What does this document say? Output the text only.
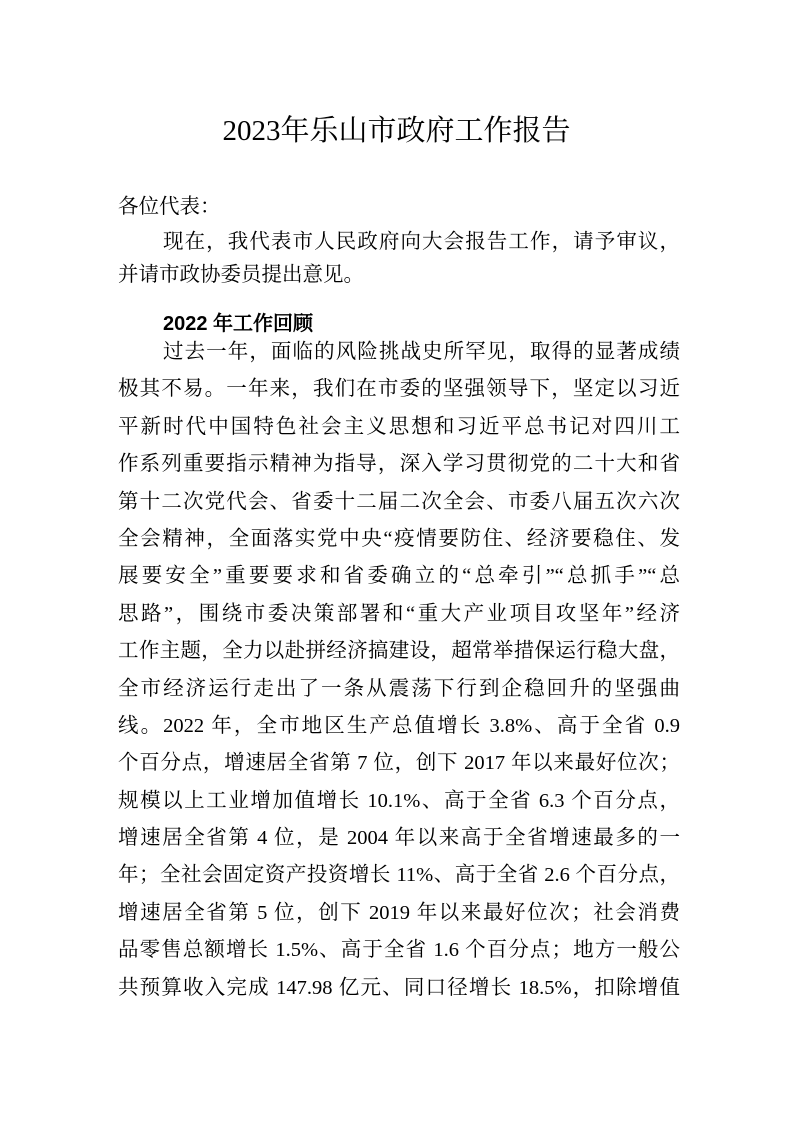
2023年乐山市政府工作报告
各位代表：
现在，我代表市人民政府向大会报告工作，请予审议，
并请市政协委员提出意见。
2022 年工作回顾
过去一年，面临的风险挑战史所罕见，取得的显著成绩
极其不易。一年来，我们在市委的坚强领导下，坚定以习近
平新时代中国特色社会主义思想和习近平总书记对四川工
作系列重要指示精神为指导，深入学习贯彻党的二十大和省
第十二次党代会、省委十二届二次全会、市委八届五次六次
全会精神，全面落实党中央“疫情要防住、经济要稳住、发
展要安全”重要要求和省委确立的“总牵引”“总抓手”“总
思路”，围绕市委决策部署和“重大产业项目攻坚年”经济
工作主题，全力以赴拼经济搞建设，超常举措保运行稳大盘，
全市经济运行走出了一条从震荡下行到企稳回升的坚强曲
线。2022 年，全市地区生产总值增长 3.8%、高于全省 0.9
个百分点，增速居全省第 7 位，创下 2017 年以来最好位次；
规模以上工业增加值增长 10.1%、高于全省 6.3 个百分点，
增速居全省第 4 位，是 2004 年以来高于全省增速最多的一
年；全社会固定资产投资增长 11%、高于全省 2.6 个百分点，
增速居全省第 5 位，创下 2019 年以来最好位次；社会消费
品零售总额增长 1.5%、高于全省 1.6 个百分点；地方一般公
共预算收入完成 147.98 亿元、同口径增长 18.5%，扣除增值
